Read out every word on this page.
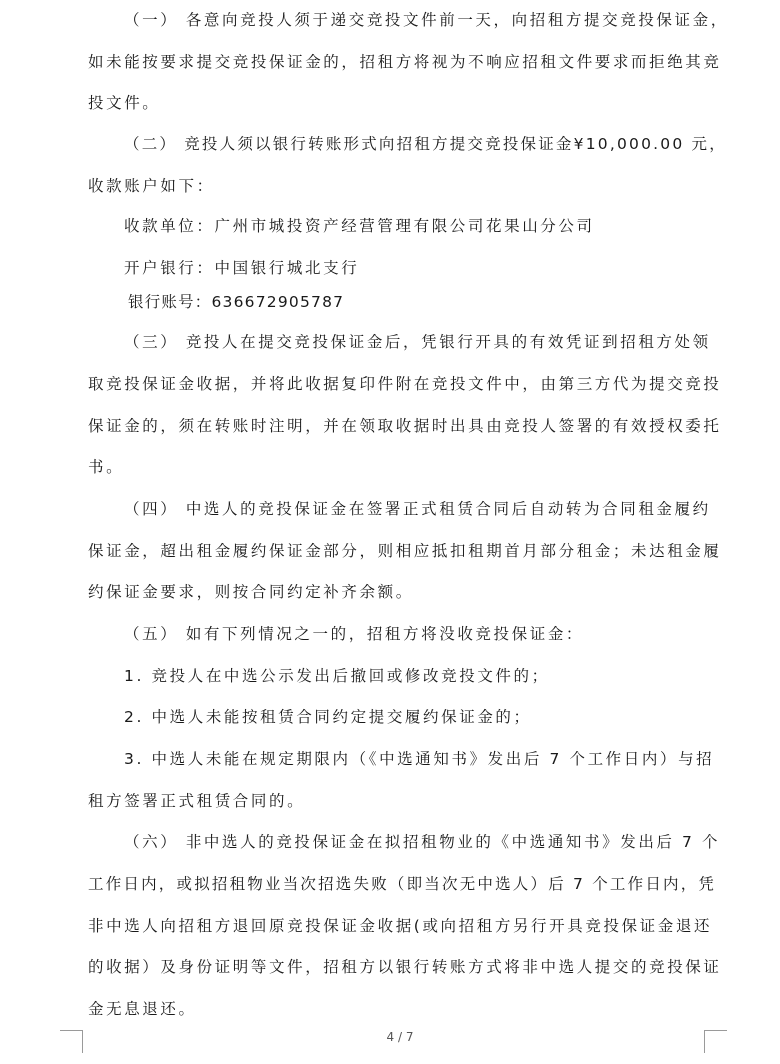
（一） 各意向竞投人须于递交竞投文件前一天，向招租方提交竞投保证金，
如未能按要求提交竞投保证金的，招租方将视为不响应招租文件要求而拒绝其竞
投文件。
（二） 竞投人须以银行转账形式向招租方提交竞投保证金¥10,000.00 元，
收款账户如下：
收款单位：广州市城投资产经营管理有限公司花果山分公司
开户银行：中国银行城北支行
银行账号：636672905787
（三） 竞投人在提交竞投保证金后，凭银行开具的有效凭证到招租方处领
取竞投保证金收据，并将此收据复印件附在竞投文件中，由第三方代为提交竞投
保证金的，须在转账时注明，并在领取收据时出具由竞投人签署的有效授权委托
书。
（四） 中选人的竞投保证金在签署正式租赁合同后自动转为合同租金履约
保证金，超出租金履约保证金部分，则相应抵扣租期首月部分租金；未达租金履
约保证金要求，则按合同约定补齐余额。
（五） 如有下列情况之一的，招租方将没收竞投保证金：
1. 竞投人在中选公示发出后撤回或修改竞投文件的；
2. 中选人未能按租赁合同约定提交履约保证金的；
3. 中选人未能在规定期限内（《中选通知书》发出后 7 个工作日内）与招
租方签署正式租赁合同的。
（六） 非中选人的竞投保证金在拟招租物业的《中选通知书》发出后 7 个
工作日内，或拟招租物业当次招选失败（即当次无中选人）后 7 个工作日内，凭
非中选人向招租方退回原竞投保证金收据(或向招租方另行开具竞投保证金退还
的收据）及身份证明等文件，招租方以银行转账方式将非中选人提交的竞投保证
金无息退还。
4 / 7
